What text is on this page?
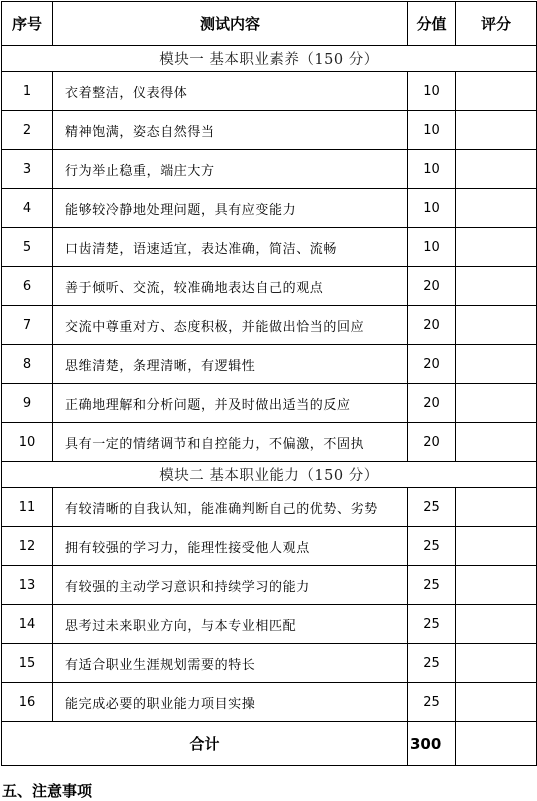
序号	测试内容	分值	评分
模块一 基本职业素养（150 分）			
1	衣着整洁，仪表得体	10	
2	精神饱满，姿态自然得当	10	
3	行为举止稳重，端庄大方	10	
4	能够较冷静地处理问题，具有应变能力	10	
5	口齿清楚，语速适宜，表达准确，简洁、流畅	10	
6	善于倾听、交流，较准确地表达自己的观点	20	
7	交流中尊重对方、态度积极，并能做出恰当的回应	20	
8	思维清楚，条理清晰，有逻辑性	20	
9	正确地理解和分析问题，并及时做出适当的反应	20	
10	具有一定的情绪调节和自控能力，不偏激，不固执	20	
模块二 基本职业能力（150 分）			
11	有较清晰的自我认知，能准确判断自己的优势、劣势	25	
12	拥有较强的学习力，能理性接受他人观点	25	
13	有较强的主动学习意识和持续学习的能力	25	
14	思考过未来职业方向，与本专业相匹配	25	
15	有适合职业生涯规划需要的特长	25	
16	能完成必要的职业能力项目实操	25	
合计		300	
五、注意事项
